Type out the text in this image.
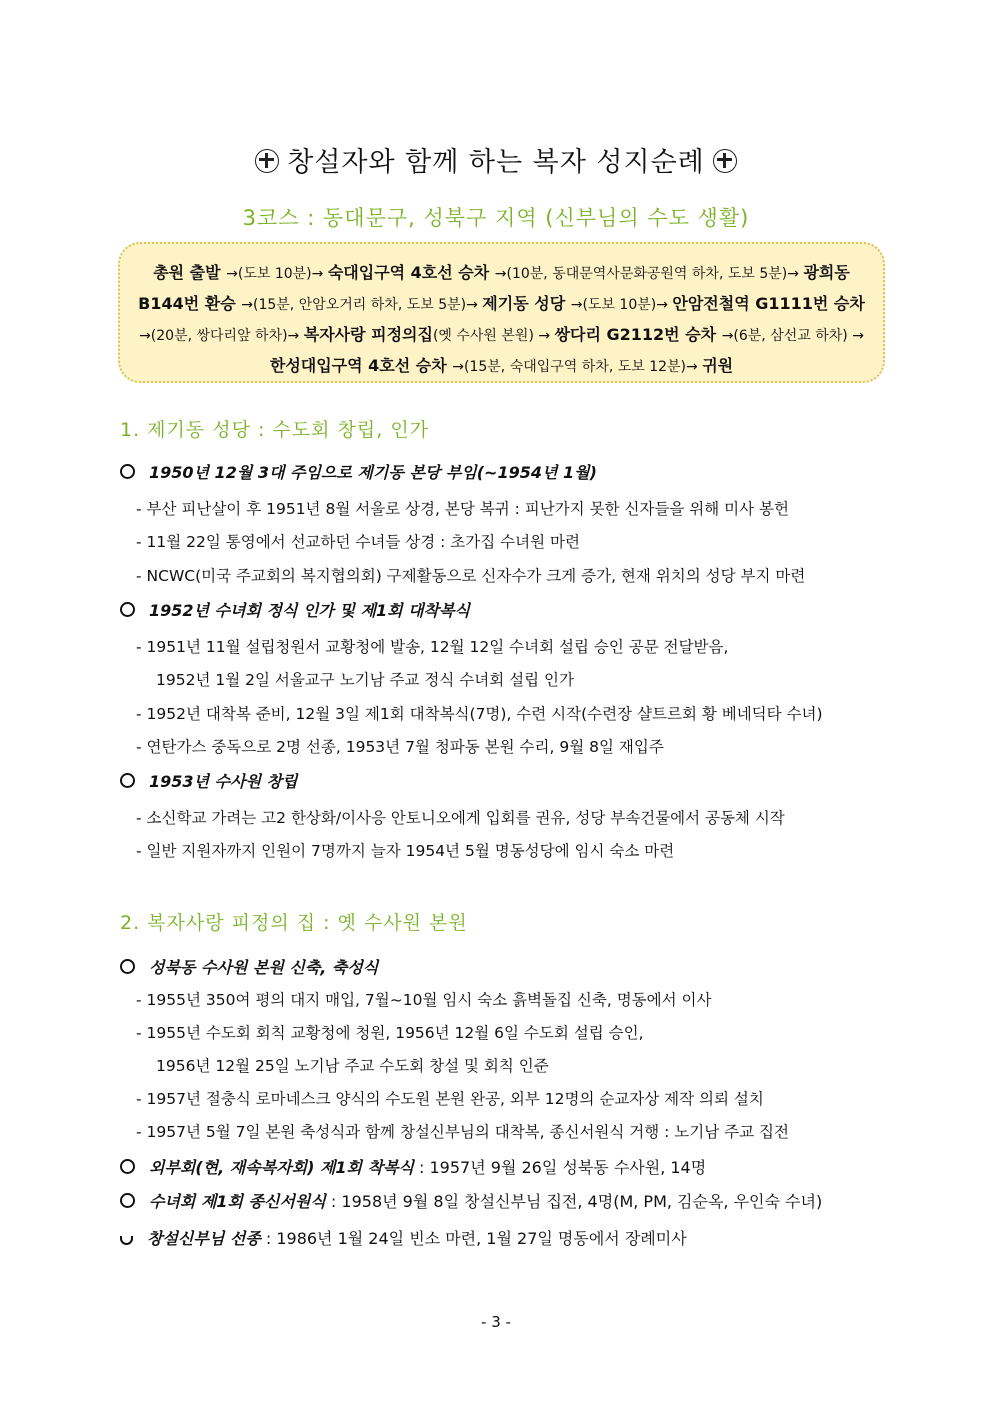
창설자와 함께 하는 복자 성지순례
3코스 : 동대문구, 성북구 지역 (신부님의 수도 생활)
총원 출발 →(도보 10분)→ 숙대입구역 4호선 승차 →(10분, 동대문역사문화공원역 하차, 도보 5분)→ 광희동
B144번 환승 →(15분, 안암오거리 하차, 도보 5분)→ 제기동 성당 →(도보 10분)→ 안암전철역 G1111번 승차
→(20분, 쌍다리앞 하차)→ 복자사랑 피정의집(옛 수사원 본원) → 쌍다리 G2112번 승차 →(6분, 삼선교 하차) →
한성대입구역 4호선 승차 →(15분, 숙대입구역 하차, 도보 12분)→ 귀원
1. 제기동 성당 : 수도회 창립, 인가
1950년 12월 3대 주임으로 제기동 본당 부임(~1954년 1월)
- 부산 피난살이 후 1951년 8월 서울로 상경, 본당 복귀 : 피난가지 못한 신자들을 위해 미사 봉헌
- 11월 22일 통영에서 선교하던 수녀들 상경 : 초가집 수녀원 마련
- NCWC(미국 주교회의 복지협의회) 구제활동으로 신자수가 크게 증가, 현재 위치의 성당 부지 마련
1952년 수녀회 정식 인가 및 제1회 대착복식
- 1951년 11월 설립청원서 교황청에 발송, 12월 12일 수녀회 설립 승인 공문 전달받음,
1952년 1월 2일 서울교구 노기남 주교 정식 수녀회 설립 인가
- 1952년 대착복 준비, 12월 3일 제1회 대착복식(7명), 수련 시작(수련장 샬트르회 황 베네딕타 수녀)
- 연탄가스 중독으로 2명 선종, 1953년 7월 청파동 본원 수리, 9월 8일 재입주
1953년 수사원 창립
- 소신학교 가려는 고2 한상화/이사응 안토니오에게 입회를 권유, 성당 부속건물에서 공동체 시작
- 일반 지원자까지 인원이 7명까지 늘자 1954년 5월 명동성당에 임시 숙소 마련
2. 복자사랑 피정의 집 : 옛 수사원 본원
성북동 수사원 본원 신축, 축성식
- 1955년 350여 평의 대지 매입, 7월~10월 임시 숙소 흙벽돌집 신축, 명동에서 이사
- 1955년 수도회 회칙 교황청에 청원, 1956년 12월 6일 수도회 설립 승인,
1956년 12월 25일 노기남 주교 수도회 창설 및 회칙 인준
- 1957년 절충식 로마네스크 양식의 수도원 본원 완공, 외부 12명의 순교자상 제작 의뢰 설치
- 1957년 5월 7일 본원 축성식과 함께 창설신부님의 대착복, 종신서원식 거행 : 노기남 주교 집전
외부회(현, 재속복자회) 제1회 착복식 : 1957년 9월 26일 성북동 수사원, 14명
수녀회 제1회 종신서원식 : 1958년 9월 8일 창설신부님 집전, 4명(M, PM, 김순옥, 우인숙 수녀)
창설신부님 선종 : 1986년 1월 24일 빈소 마련, 1월 27일 명동에서 장례미사
- 3 -
